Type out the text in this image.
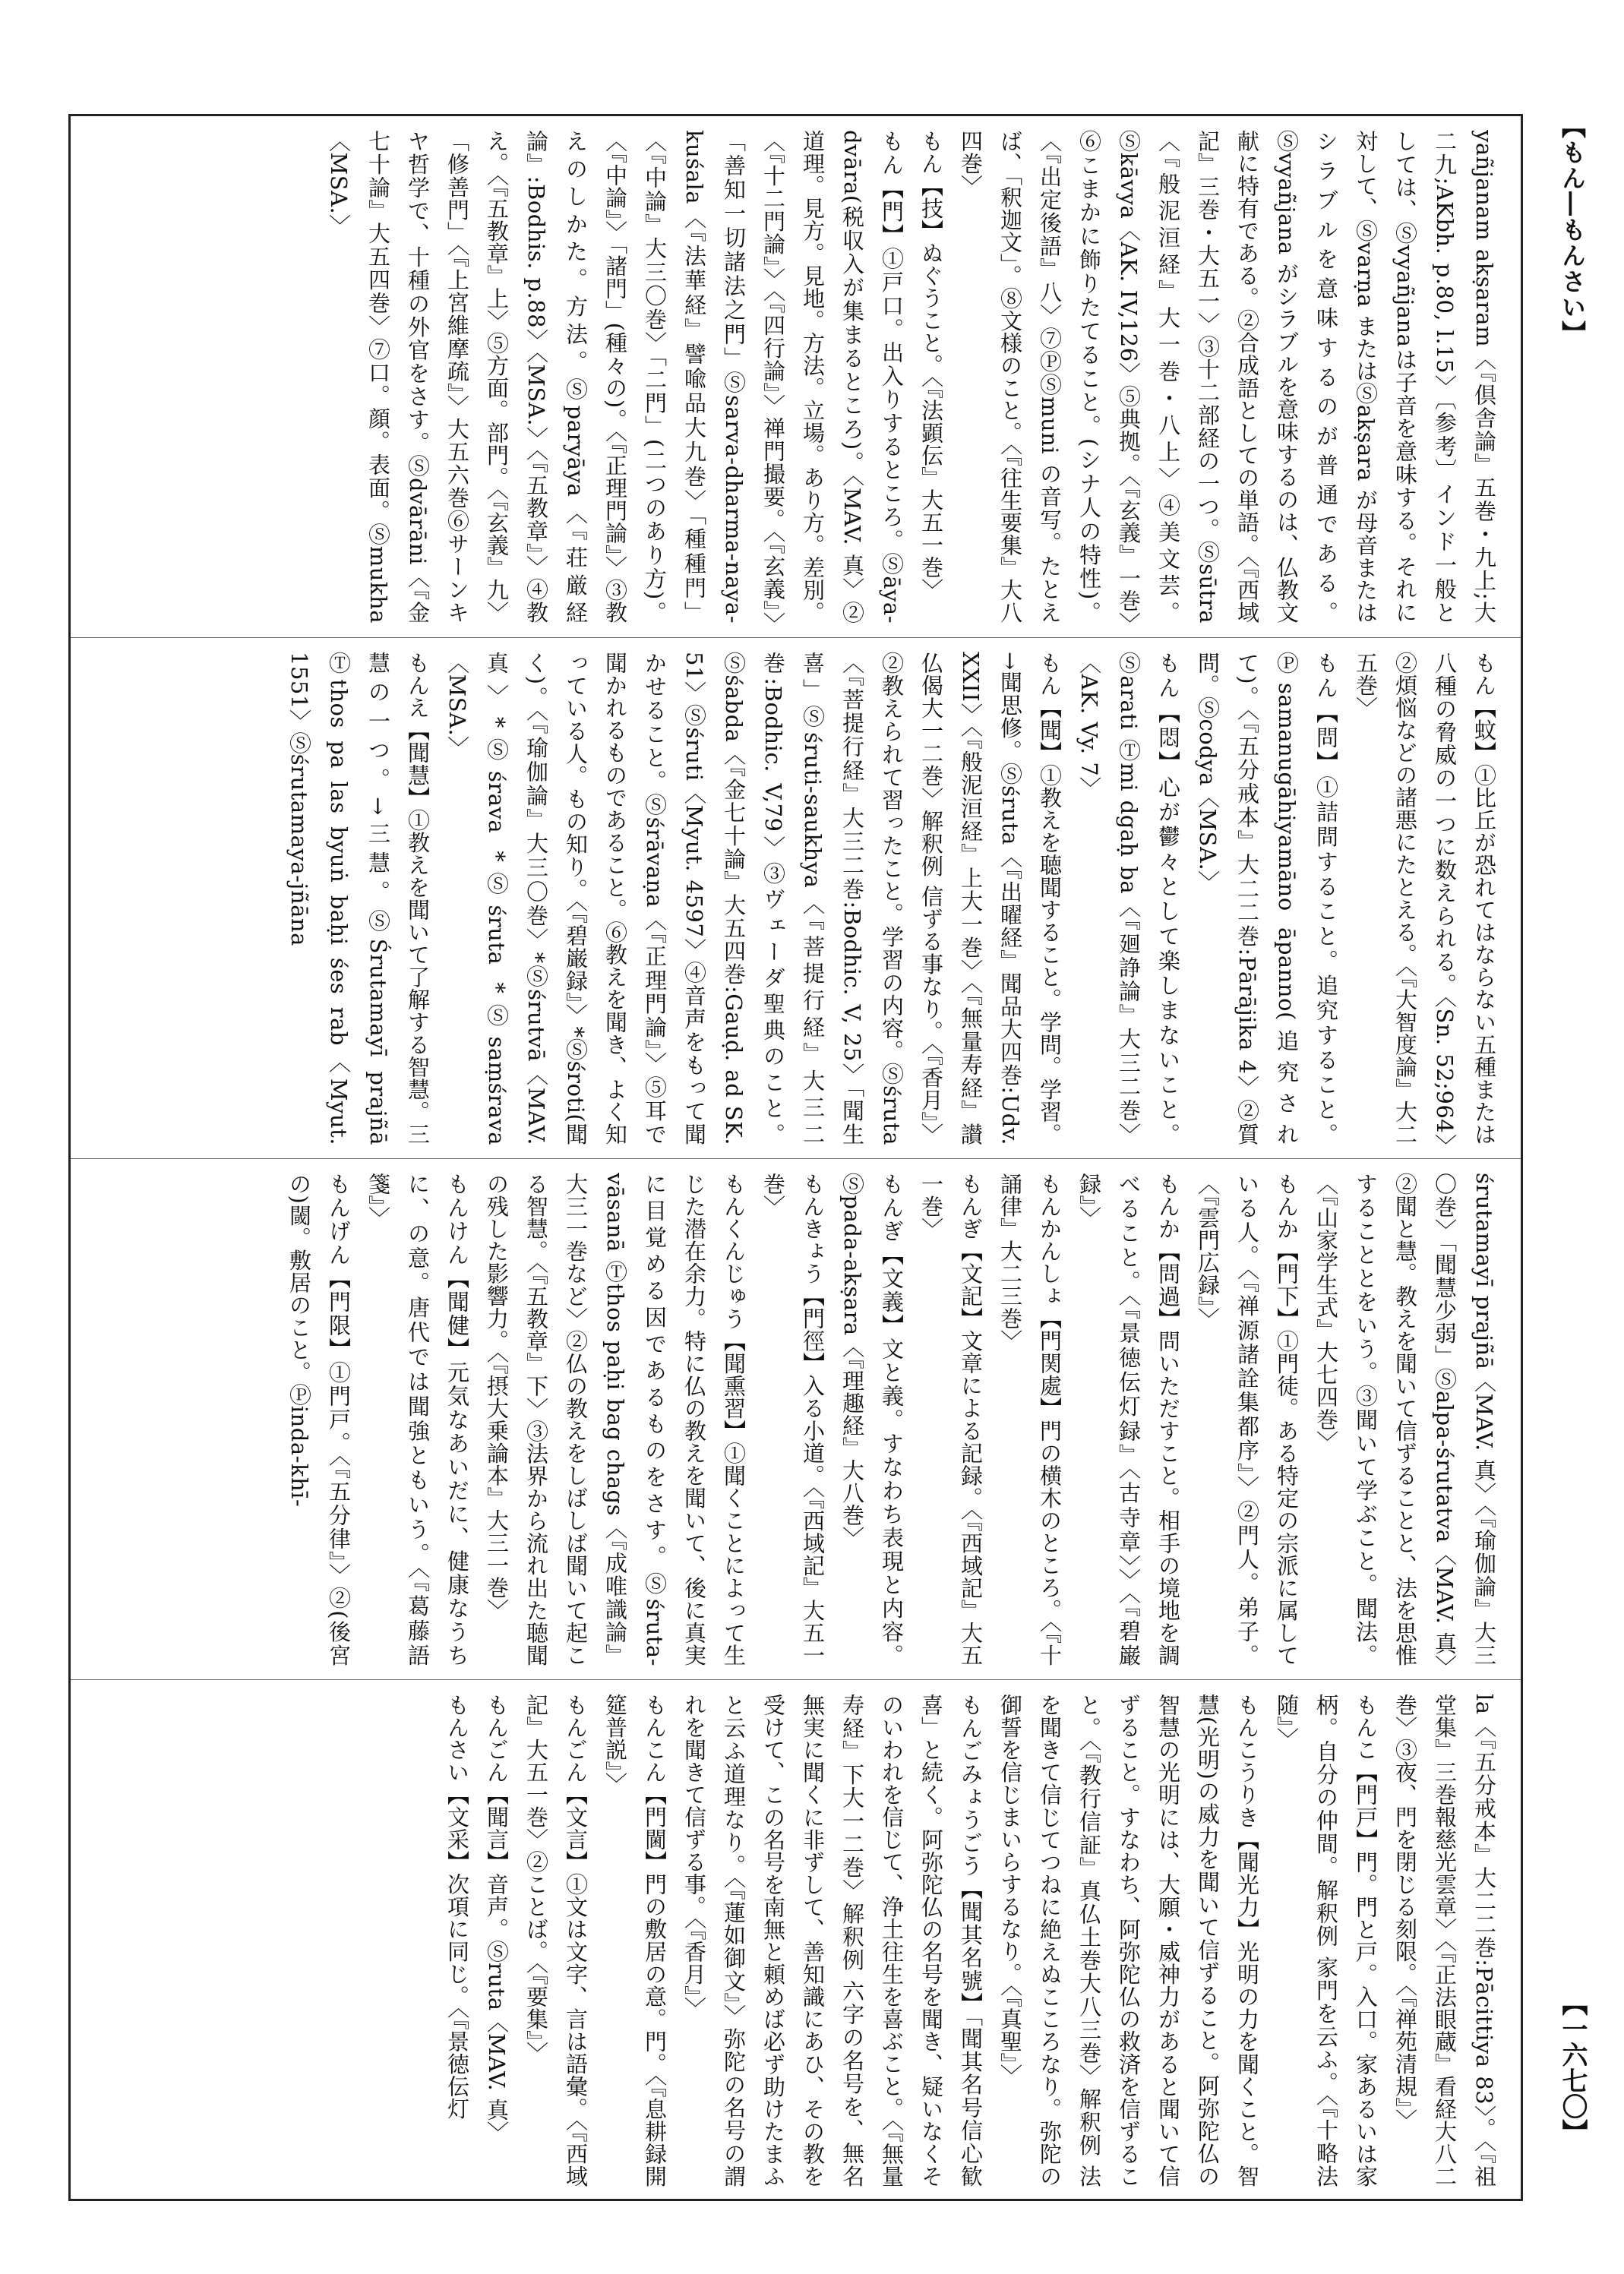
【もん―もんさい】
【一六七〇】
yañjanam akṣaram〈『倶舎論』五巻・九上;大二九;AKbh. p.80, l.15〉〔参考〕インド一般としては、Ⓢvyañjanaは子音を意味する。それに対して、Ⓢvarṇa またはⓈakṣara が母音またはシラブルを意味するのが普通である。Ⓢvyañjana がシラブルを意味するのは、仏教文献に特有である。②合成語としての単語。〈『西域記』三巻・大五一〉③十二部経の一つ。Ⓢsūtra〈『般泥洹経』大一巻・八上〉④美文芸。Ⓢkāvya〈AK. IV,126〉⑤典拠。〈『玄義』一巻〉⑥こまかに飾りたてること。(シナ人の特性)。〈『出定後語』八〉⑦ⓅⓈmuni の音写。たとえば、「釈迦文」。⑧文様のこと。〈『往生要集』大八四巻〉 もん【技】ぬぐうこと。〈『法顕伝』大五一巻〉 もん【門】①戸口。出入りするところ。Ⓢāya-dvāra(税収入が集まるところ)。〈MAV. 真〉②道理。見方。見地。方法。立場。あり方。差別。〈『十二門論』〉〈『四行論』〉禅門撮要。〈『玄義』〉「善知一切諸法之門」Ⓢsarva-dharma-naya-kuśala〈『法華経』譬喩品大九巻〉「種種門」〈『中論』大三〇巻〉「二門」(二つのあり方)。〈『中論』〉「諸門」(種々の)。〈『正理門論』〉③教えのしかた。方法。Ⓢparyāya〈『荘厳経論』:Bodhis. p.88〉〈MSA.〉〈『五教章』〉④教え。〈『五教章』上〉⑤方面。部門。〈『玄義』九〉「修善門」〈『上宮維摩疏』〉大五六巻⑥サーンキヤ哲学で、十種の外官をさす。Ⓢdvārāni〈『金七十論』大五四巻〉⑦口。顔。表面。Ⓢmukha〈MSA.〉
もん【蚊】①比丘が恐れてはならない五種または八種の脅威の一つに数えられる。〈Sn. 52;964〉②煩悩などの諸悪にたとえる。〈『大智度論』大二五巻〉 もん【問】①詰問すること。追究すること。Ⓟsamanugāhiyamāno āpanno(追究されて)。〈『五分戒本』大二二巻:Pārājika 4〉②質問。Ⓢcodya〈MSA.〉 もん【悶】心が鬱々として楽しまないこと。Ⓢarati Ⓣmi dgaḥ ba〈『廻諍論』大三二巻〉〈AK. Vy. 7〉 もん【聞】①教えを聴聞すること。学問。学習。→聞思修。Ⓢśruta〈『出曜経』聞品大四巻:Udv. XXII〉〈『般泥洹経』上大一巻〉〈『無量寿経』讃仏偈大一二巻〉解釈例 信ずる事なり。〈『香月』〉②教えられて習ったこと。学習の内容。Ⓢśruta〈『菩提行経』大三二巻:Bodhic. V, 25〉「聞生喜」Ⓢśruti-saukhya〈『菩提行経』大三二巻:Bodhic. V,79〉③ヴェーダ聖典のこと。Ⓢśabda〈『金七十論』大五四巻:Gauḍ. ad SK. 51〉Ⓢśruti〈Myut. 4597〉④音声をもって聞かせること。Ⓢśrāvaṇa〈『正理門論』〉⑤耳で聞かれるものであること。⑥教えを聞き、よく知っている人。もの知り。〈『碧巌録』〉*Ⓢśroti(聞く)。〈『瑜伽論』大三〇巻〉*Ⓢśrutvā〈MAV. 真〉*Ⓢśrava *Ⓢśruta *Ⓢsaṃśrava〈MSA.〉 もんえ【聞慧】①教えを聞いて了解する智慧。三慧の一つ。→三慧。ⓈŚrutamayī prajñā Ⓣthos pa las byuṅ baḥi śes rab〈Myut. 1551〉Ⓢśrutamaya-jñāna
śrutamayī prajñā〈MAV. 真〉〈『瑜伽論』大三〇巻〉「聞慧少弱」Ⓢalpa-śrutatva〈MAV. 真〉②聞と慧。教えを聞いて信ずることと、法を思惟することとをいう。③聞いて学ぶこと。聞法。〈『山家学生式』大七四巻〉 もんか【門下】①門徒。ある特定の宗派に属している人。〈『禅源諸詮集都序』〉②門人。弟子。〈『雲門広録』〉 もんか【問過】問いただすこと。相手の境地を調べること。〈『景徳伝灯録』〈古寺章〉〉〈『碧巌録』〉 もんかんしょ【門関處】門の横木のところ。〈『十誦律』大二三巻〉 もんぎ【文記】文章による記録。〈『西域記』大五一巻〉 もんぎ【文義】文と義。すなわち表現と内容。Ⓢpada-akṣara〈『理趣経』大八巻〉 もんきょう【門徑】入る小道。〈『西域記』大五一巻〉 もんくんじゅう【聞熏習】①聞くことによって生じた潜在余力。特に仏の教えを聞いて、後に真実に目覚める因であるものをさす。Ⓢśruta-vāsanā Ⓣthos paḥi bag chags〈『成唯識論』大三一巻など〉②仏の教えをしばしば聞いて起こる智慧。〈『五教章』下〉③法界から流れ出た聴聞の残した影響力。〈『摂大乗論本』大三一巻〉 もんけん【聞健】元気なあいだに、健康なうちに、の意。唐代では聞強ともいう。〈『葛藤語箋』〉 もんげん【門限】①門戸。〈『五分律』〉②(後宮の)閾。敷居のこと。Ⓟinda-khī-
la〈『五分戒本』大二二巻:Pācittiya 83〉。〈『祖堂集』三巻報慈光雲章〉〈『正法眼蔵』看経大八二巻〉③夜、門を閉じる刻限。〈『禅苑清規』〉 もんこ【門戸】門。門と戸。入口。家あるいは家柄。自分の仲間。解釈例 家門を云ふ。〈『十略法随』〉 もんこうりき【聞光力】光明の力を聞くこと。智慧(光明)の威力を聞いて信ずること。阿弥陀仏の智慧の光明には、大願・威神力があると聞いて信ずること。すなわち、阿弥陀仏の救済を信ずること。〈『教行信証』真仏土巻大八三巻〉解釈例 法を聞きて信じてつねに絶えぬこころなり。弥陀の御誓を信じまいらするなり。〈『真聖』〉 もんごみょうごう【聞其名號】「聞其名号信心歓喜」と続く。阿弥陀仏の名号を聞き、疑いなくそのいわれを信じて、浄土往生を喜ぶこと。〈『無量寿経』下大一二巻〉解釈例 六字の名号を、無名無実に聞くに非ずして、善知識にあひ、その教を受けて、この名号を南無と頼めば必ず助けたまふと云ふ道理なり。〈『蓮如御文』〉弥陀の名号の謂れを聞きて信ずる事。〈『香月』〉 もんこん【門閫】門の敷居の意。門。〈『息耕録開筵普説』〉 もんごん【文言】①文は文字、言は語彙。〈『西域記』大五一巻〉②ことば。〈『要集』〉 もんごん【聞言】音声。Ⓢruta〈MAV. 真〉 もんさい【文采】次項に同じ。〈『景徳伝灯
